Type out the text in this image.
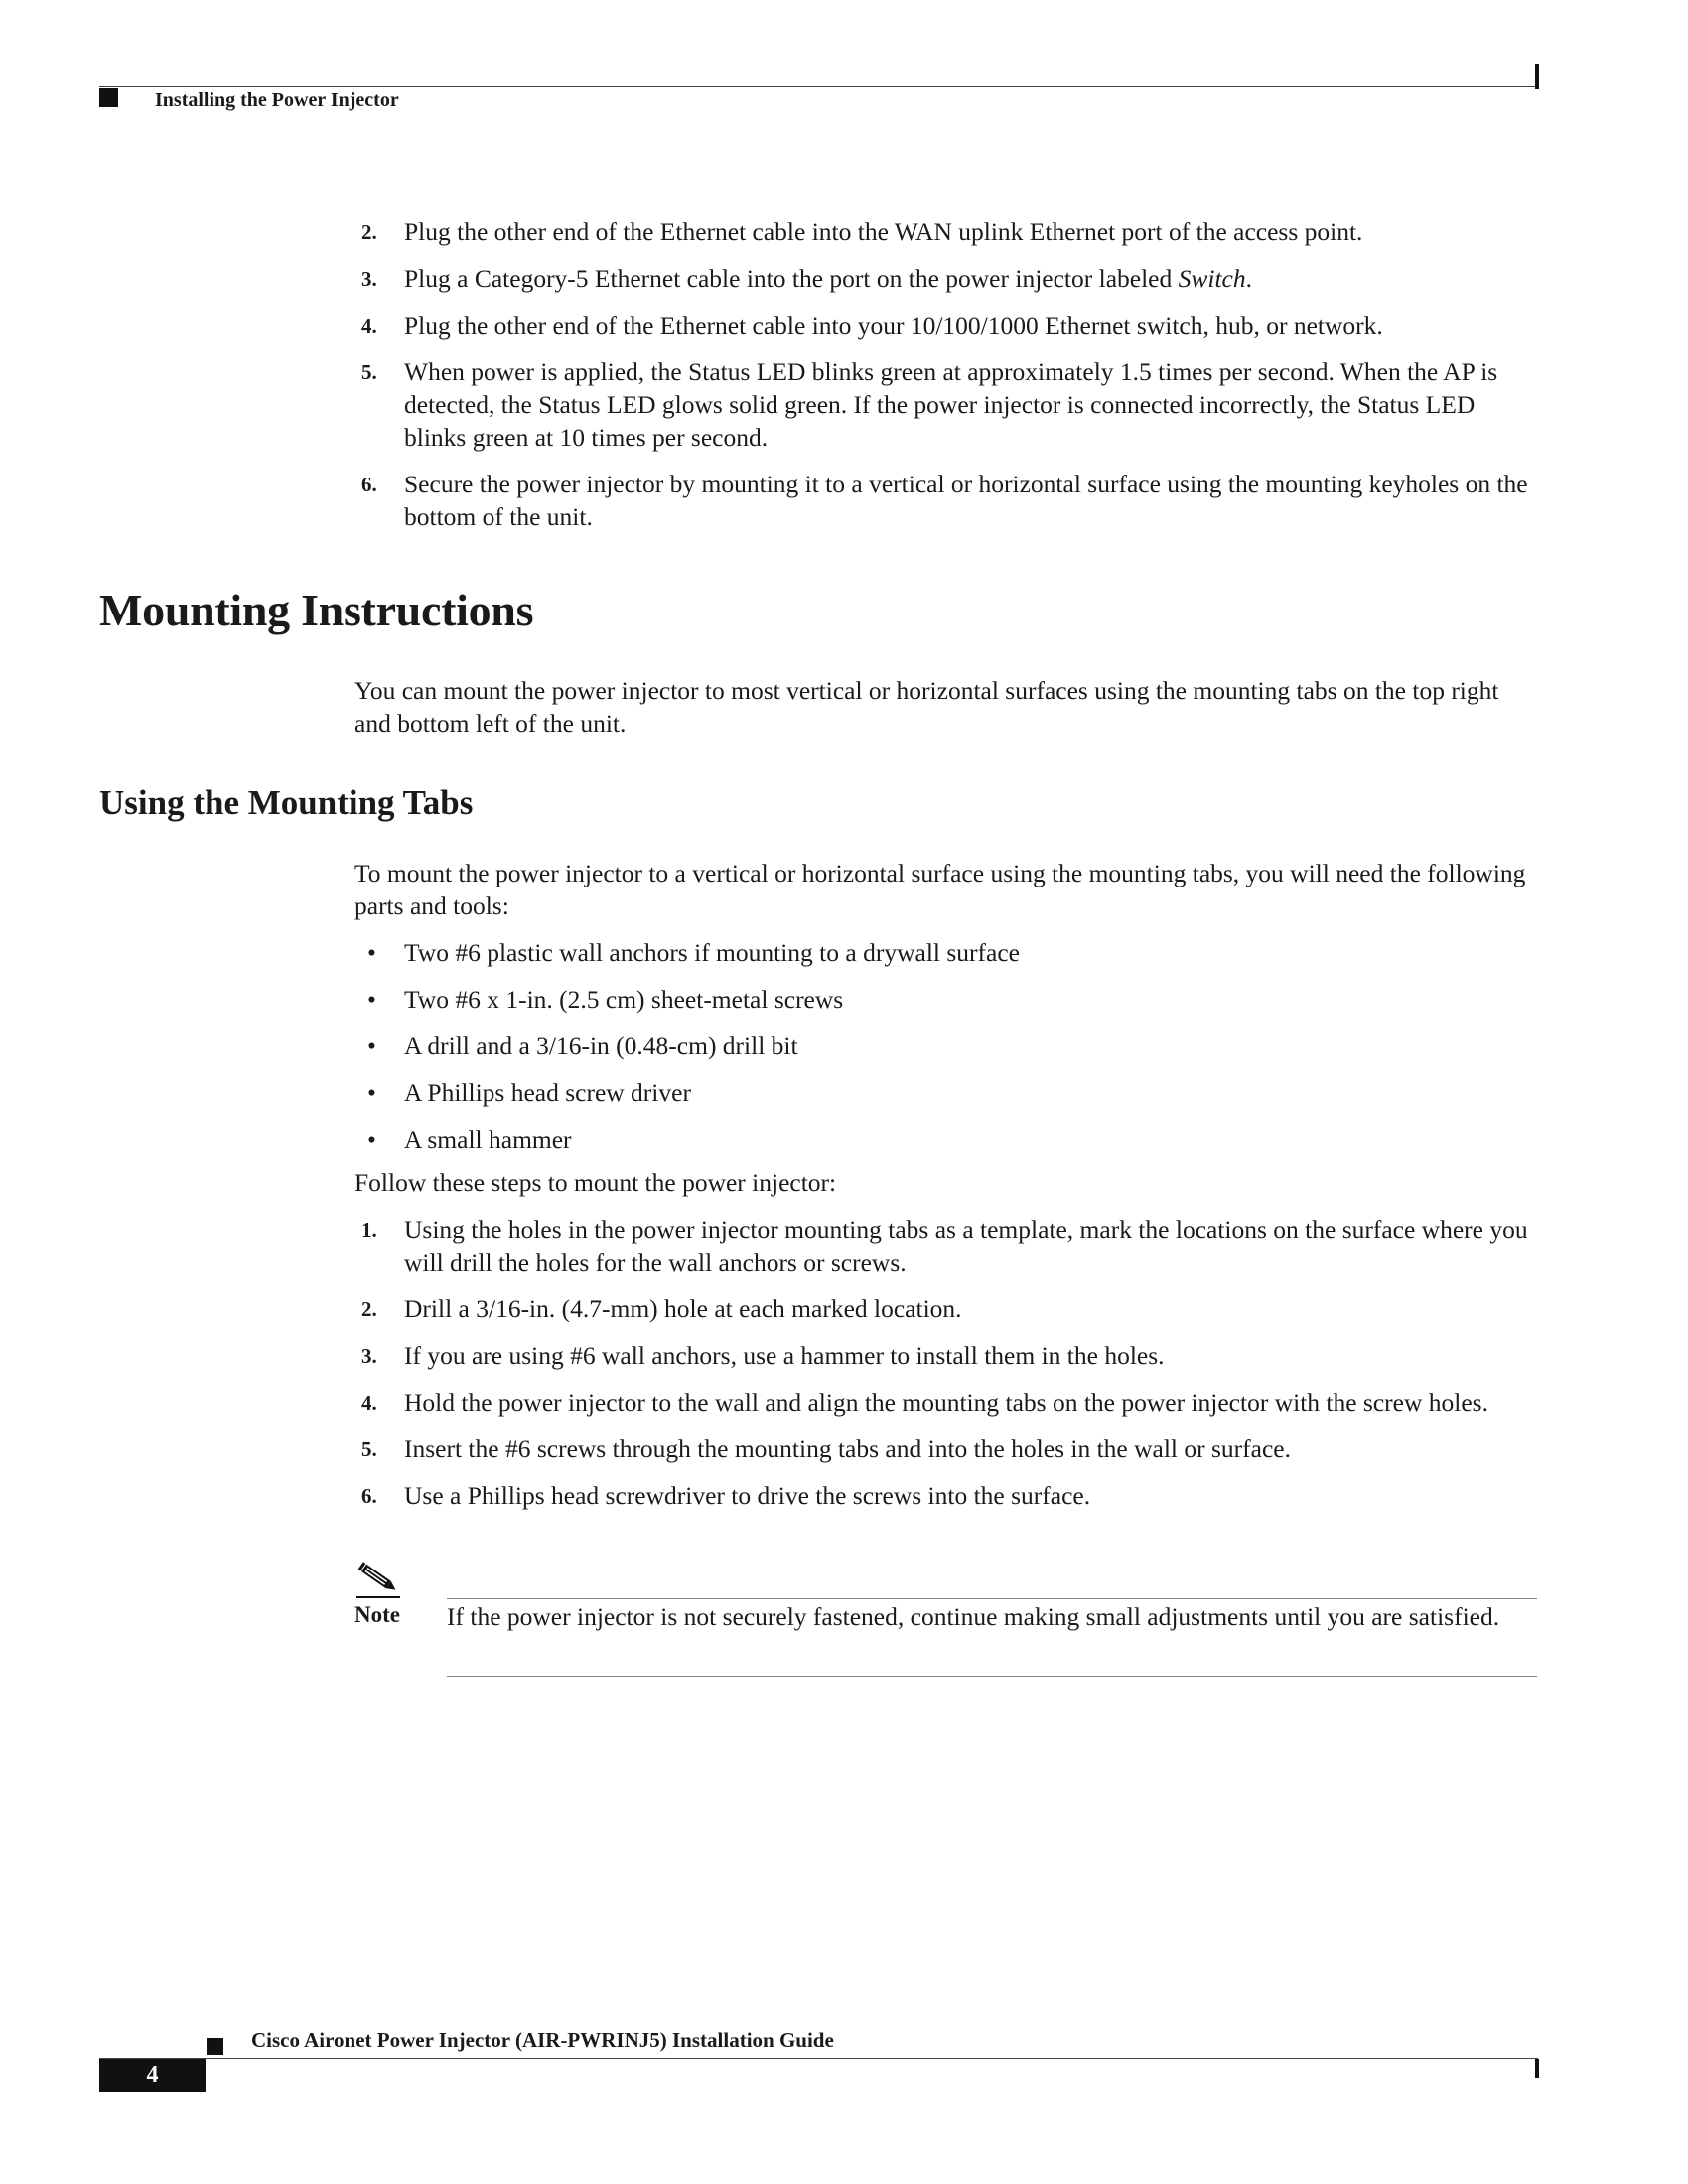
Installing the Power Injector
2. Plug the other end of the Ethernet cable into the WAN uplink Ethernet port of the access point.
3. Plug a Category-5 Ethernet cable into the port on the power injector labeled Switch.
4. Plug the other end of the Ethernet cable into your 10/100/1000 Ethernet switch, hub, or network.
5. When power is applied, the Status LED blinks green at approximately 1.5 times per second. When the AP is detected, the Status LED glows solid green. If the power injector is connected incorrectly, the Status LED blinks green at 10 times per second.
6. Secure the power injector by mounting it to a vertical or horizontal surface using the mounting keyholes on the bottom of the unit.
Mounting Instructions
You can mount the power injector to most vertical or horizontal surfaces using the mounting tabs on the top right and bottom left of the unit.
Using the Mounting Tabs
To mount the power injector to a vertical or horizontal surface using the mounting tabs, you will need the following parts and tools:
• Two #6 plastic wall anchors if mounting to a drywall surface
• Two #6 x 1-in. (2.5 cm) sheet-metal screws
• A drill and a 3/16-in (0.48-cm) drill bit
• A Phillips head screw driver
• A small hammer
Follow these steps to mount the power injector:
1. Using the holes in the power injector mounting tabs as a template, mark the locations on the surface where you will drill the holes for the wall anchors or screws.
2. Drill a 3/16-in. (4.7-mm) hole at each marked location.
3. If you are using #6 wall anchors, use a hammer to install them in the holes.
4. Hold the power injector to the wall and align the mounting tabs on the power injector with the screw holes.
5. Insert the #6 screws through the mounting tabs and into the holes in the wall or surface.
6. Use a Phillips head screwdriver to drive the screws into the surface.
Note If the power injector is not securely fastened, continue making small adjustments until you are satisfied.
Cisco Aironet Power Injector (AIR-PWRINJ5) Installation Guide
4
